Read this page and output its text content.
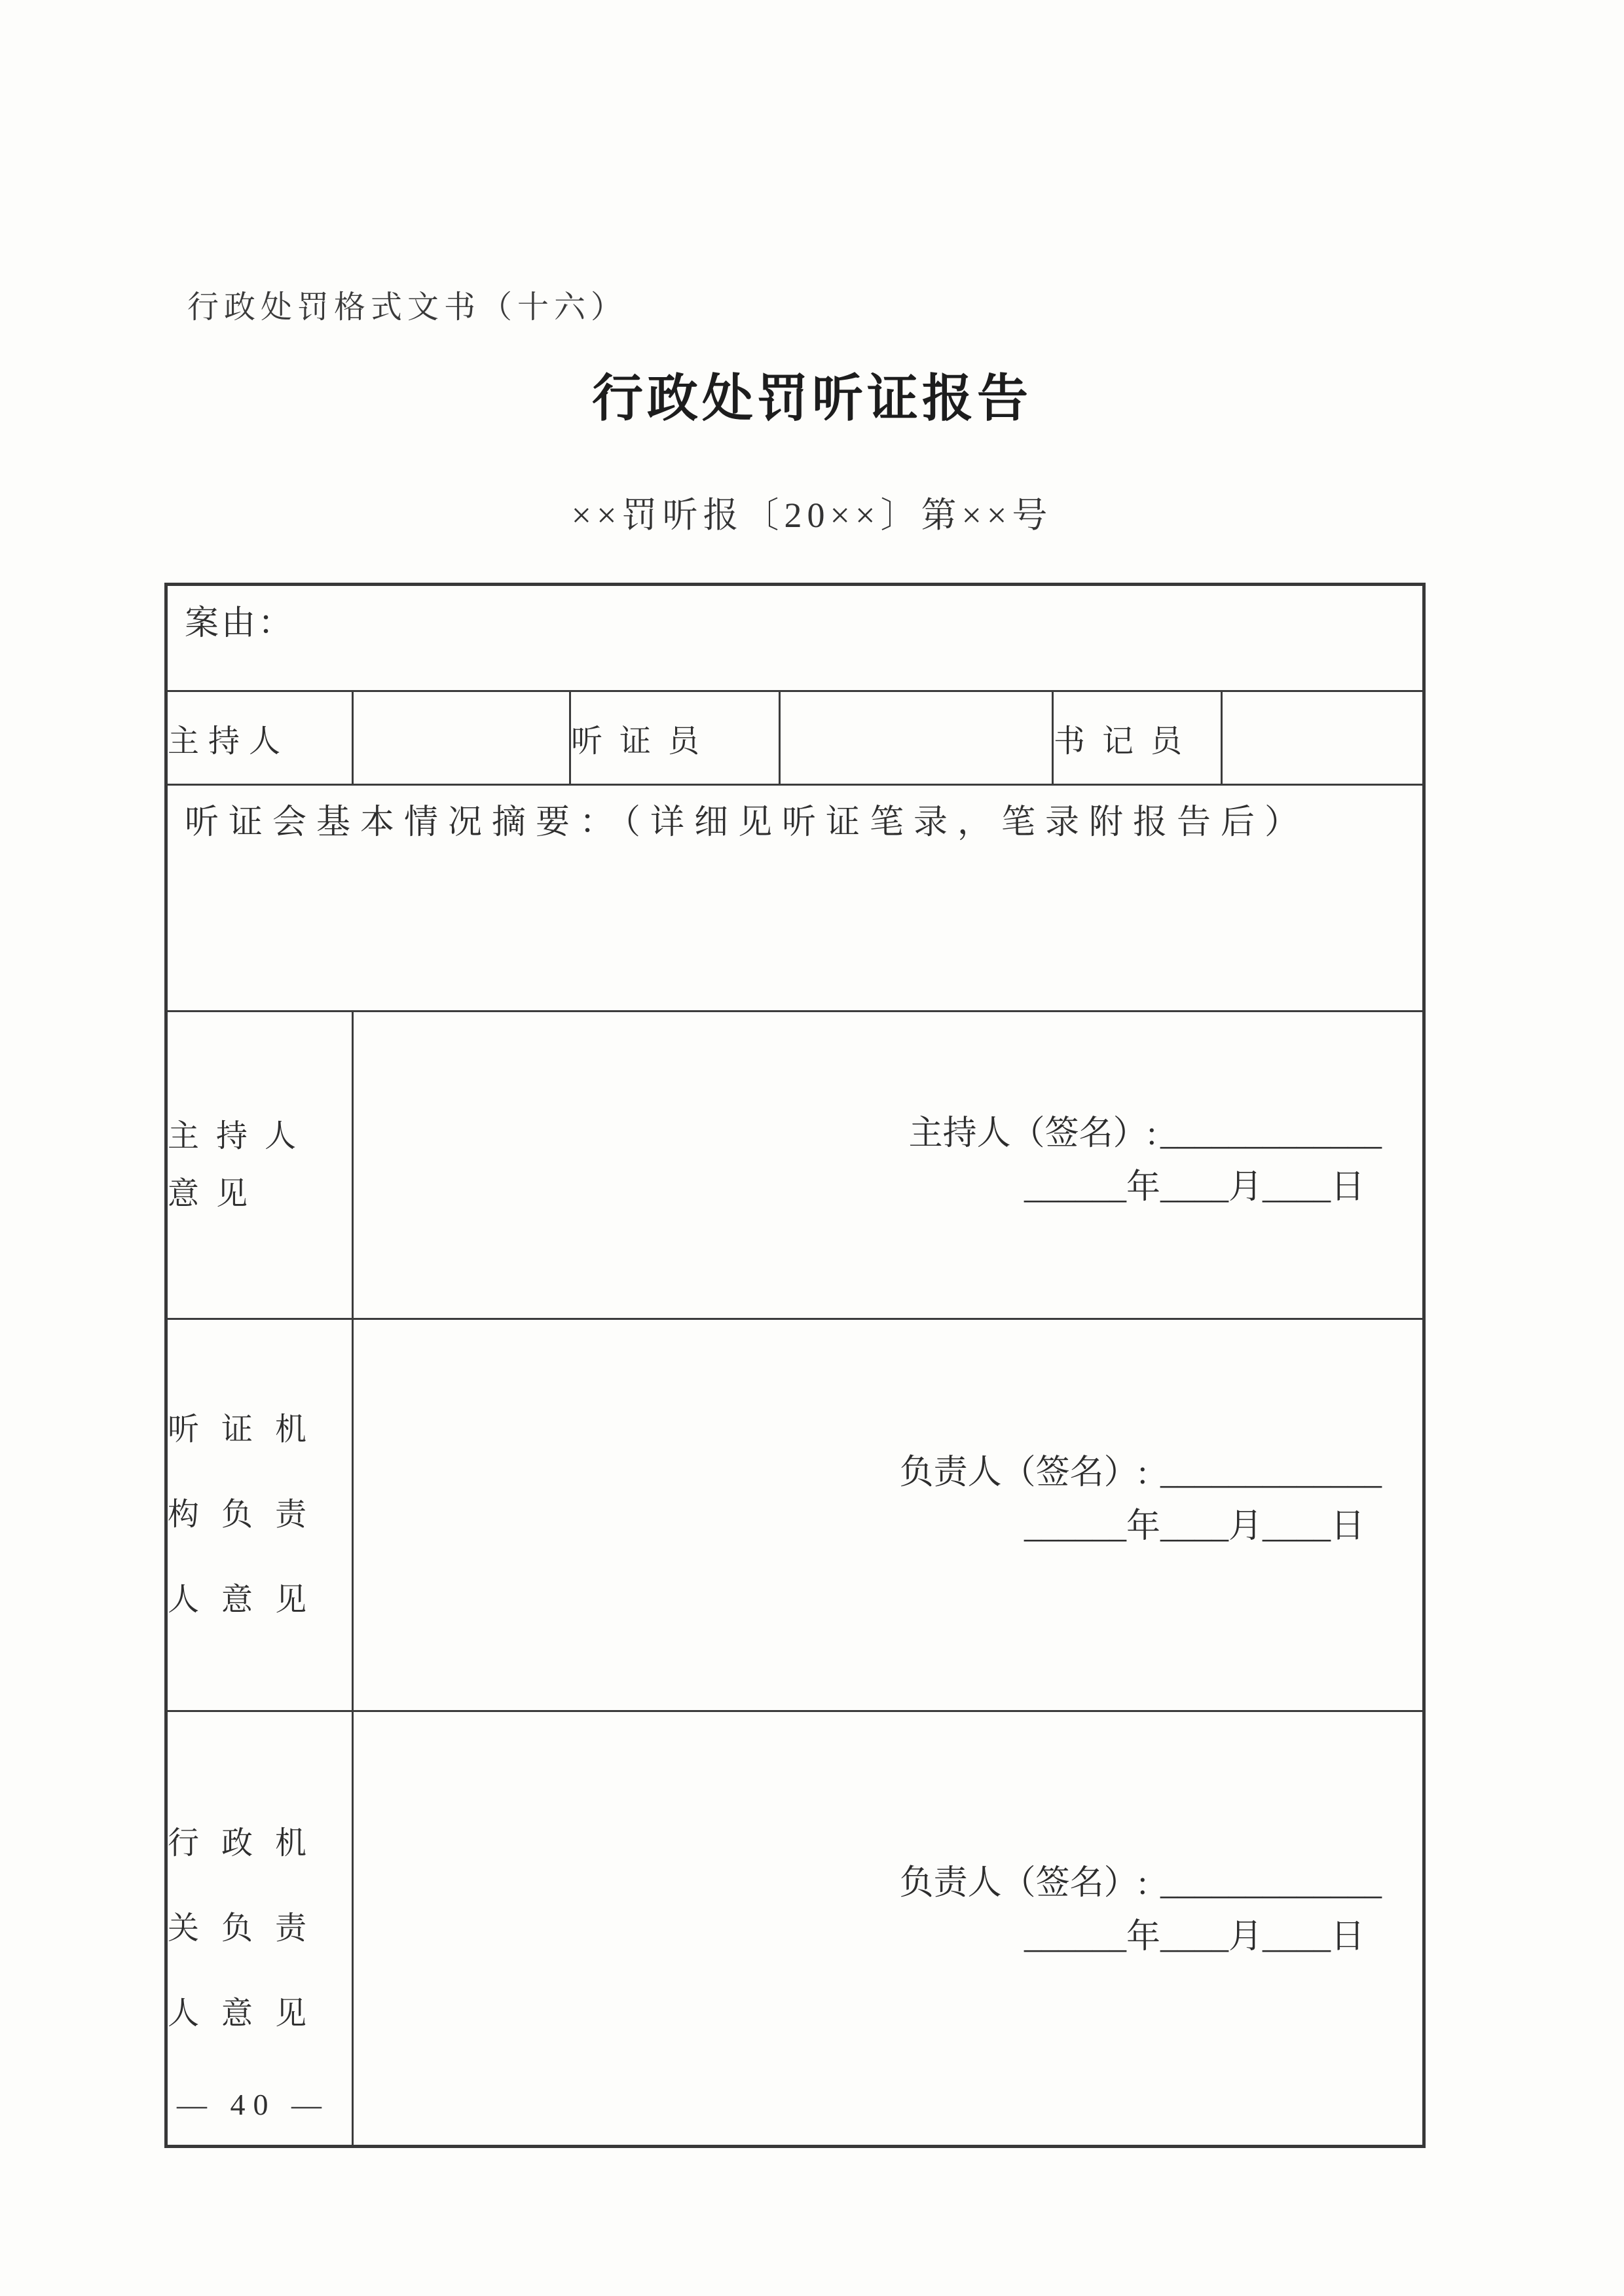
行政处罚格式文书（十六）
行政处罚听证报告
××罚听报〔20××〕第××号
案由：					
主持人		听证员		书记员	
听证会基本情况摘要：（详细见听证笔录，笔录附报告后）					

主持人
意见

主持人（签名）: _____________
______年____月____日

听证机
构负责
人意见

负责人（签名）: _____________
______年____月____日

行政机
关负责
人意见

负责人（签名）: _____________
______年____月____日
— 40 —
